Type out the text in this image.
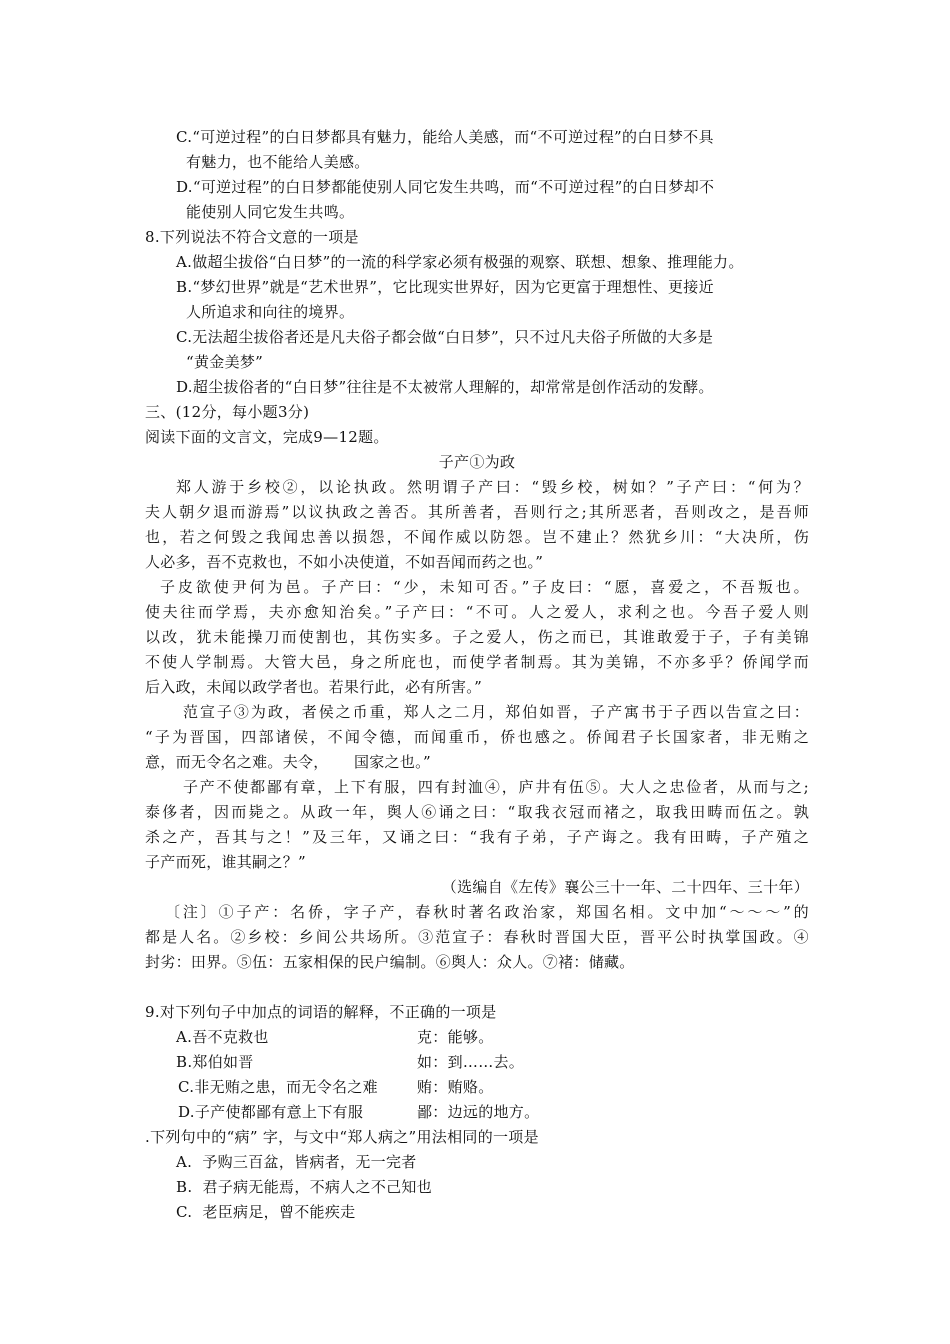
C.“可逆过程”的白日梦都具有魅力，能给人美感，而“不可逆过程”的白日梦不具
有魅力，也不能给人美感。
D.“可逆过程”的白日梦都能使别人同它发生共鸣，而“不可逆过程”的白日梦却不
能使别人同它发生共鸣。
8.下列说法不符合文意的一项是
A.做超尘拔俗“白日梦”的一流的科学家必须有极强的观察、联想、想象、推理能力。
B.“梦幻世界”就是“艺术世界”，它比现实世界好，因为它更富于理想性、更接近
人所追求和向往的境界。
C.无法超尘拔俗者还是凡夫俗子都会做“白日梦”，只不过凡夫俗子所做的大多是
“黄金美梦”
D.超尘拔俗者的“白日梦”往往是不太被常人理解的，却常常是创作活动的发酵。
三、(12分，每小题3分)
阅读下面的文言文，完成9—12题。
子产①为政
郑人游于乡校②，以论执政。然明谓子产曰：“毁乡校，树如？”子产曰：“何为？
夫人朝夕退而游焉”以议执政之善否。其所善者，吾则行之;其所恶者，吾则改之，是吾师
也，若之何毁之我闻忠善以损怨，不闻作威以防怨。岂不建止？然犹乡川：“大决所，伤
人必多，吾不克救也，不如小决使道，不如吾闻而药之也。”
子皮欲使尹何为邑。子产曰：“少，未知可否。”子皮曰：“愿，喜爱之，不吾叛也。
使夫往而学焉，夫亦愈知治矣。”子产曰：“不可。人之爱人，求利之也。今吾子爱人则
以改，犹未能操刀而使割也，其伤实多。子之爱人，伤之而已，其谁敢爱于子，子有美锦
不使人学制焉。大管大邑，身之所庇也，而使学者制焉。其为美锦，不亦多乎？侨闻学而
后入政，未闻以政学者也。若果行此，必有所害。”
范宣子③为政，者侯之币重，郑人之二月，郑伯如晋，子产寓书于子西以告宣之曰：
“子为晋国，四部诸侯，不闻令德，而闻重币，侨也感之。侨闻君子长国家者，非无贿之
意，而无令名之难。夫令，     国家之也。”
子产不使都鄙有章，上下有服，四有封洫④，庐井有伍⑤。大人之忠俭者，从而与之;
泰侈者，因而毙之。从政一年，舆人⑥诵之曰：“取我衣冠而褚之，取我田畴而伍之。孰
杀之产，吾其与之！”及三年，又诵之曰：“我有子弟，子产诲之。我有田畴，子产殖之
子产而死，谁其嗣之？”
（选编自《左传》襄公三十一年、二十四年、三十年）
〔注〕①子产：名侨，字子产，春秋时著名政治家，郑国名相。文中加“～～～”的
都是人名。②乡校：乡间公共场所。③范宣子：春秋时晋国大臣，晋平公时执掌国政。④
封劣：田界。⑤伍：五家相保的民户编制。⑥舆人：众人。⑦褚：储藏。
9.对下列句子中加点的词语的解释，不正确的一项是
A.吾不克救也	克：能够。
B.郑伯如晋	如：到……去。
C.非无贿之患，而无令名之难	贿：贿赂。
D.子产使都鄙有意上下有服	鄙：边远的地方。
.下列句中的“病” 字，与文中“郑人病之”用法相同的一项是
A.  予购三百盆，皆病者，无一完者
B.  君子病无能焉，不病人之不己知也
C.  老臣病足，曾不能疾走
